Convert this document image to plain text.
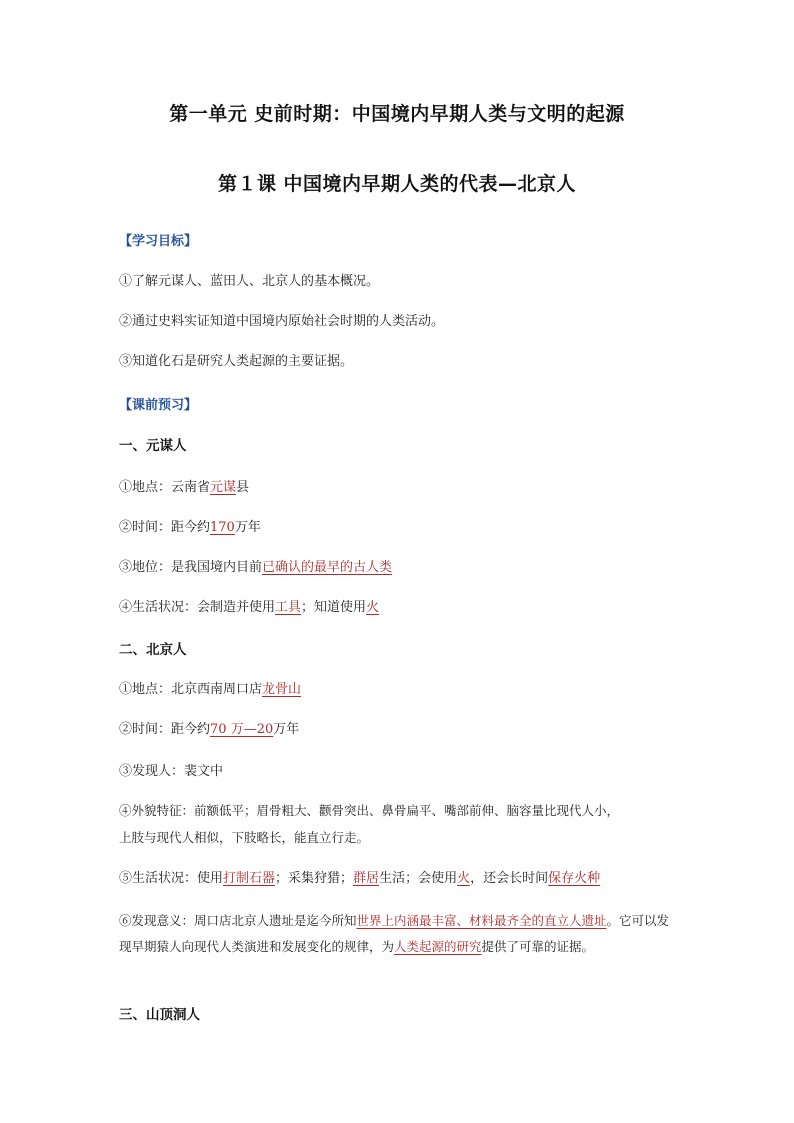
第一单元 史前时期：中国境内早期人类与文明的起源
第１课 中国境内早期人类的代表—北京人
【学习目标】
①了解元谋人、蓝田人、北京人的基本概况。
②通过史料实证知道中国境内原始社会时期的人类活动。
③知道化石是研究人类起源的主要证据。
【课前预习】
一、元谋人
①地点：云南省元谋县
②时间：距今约170万年
③地位：是我国境内目前已确认的最早的古人类
④生活状况：会制造并使用工具；知道使用火
二、北京人
①地点：北京西南周口店龙骨山
②时间：距今约70 万—20万年
③发现人：裴文中
④外貌特征：前额低平；眉骨粗大、颧骨突出、鼻骨扁平、嘴部前伸、脑容量比现代人小，
上肢与现代人相似，下肢略长，能直立行走。
⑤生活状况：使用打制石器；采集狩猎；群居生活；会使用火，还会长时间保存火种
⑥发现意义：周口店北京人遗址是迄今所知世界上内涵最丰富、材料最齐全的直立人遗址。它可以发现早期猿人向现代人类演进和发展变化的规律，为人类起源的研究提供了可靠的证据。
三、山顶洞人
